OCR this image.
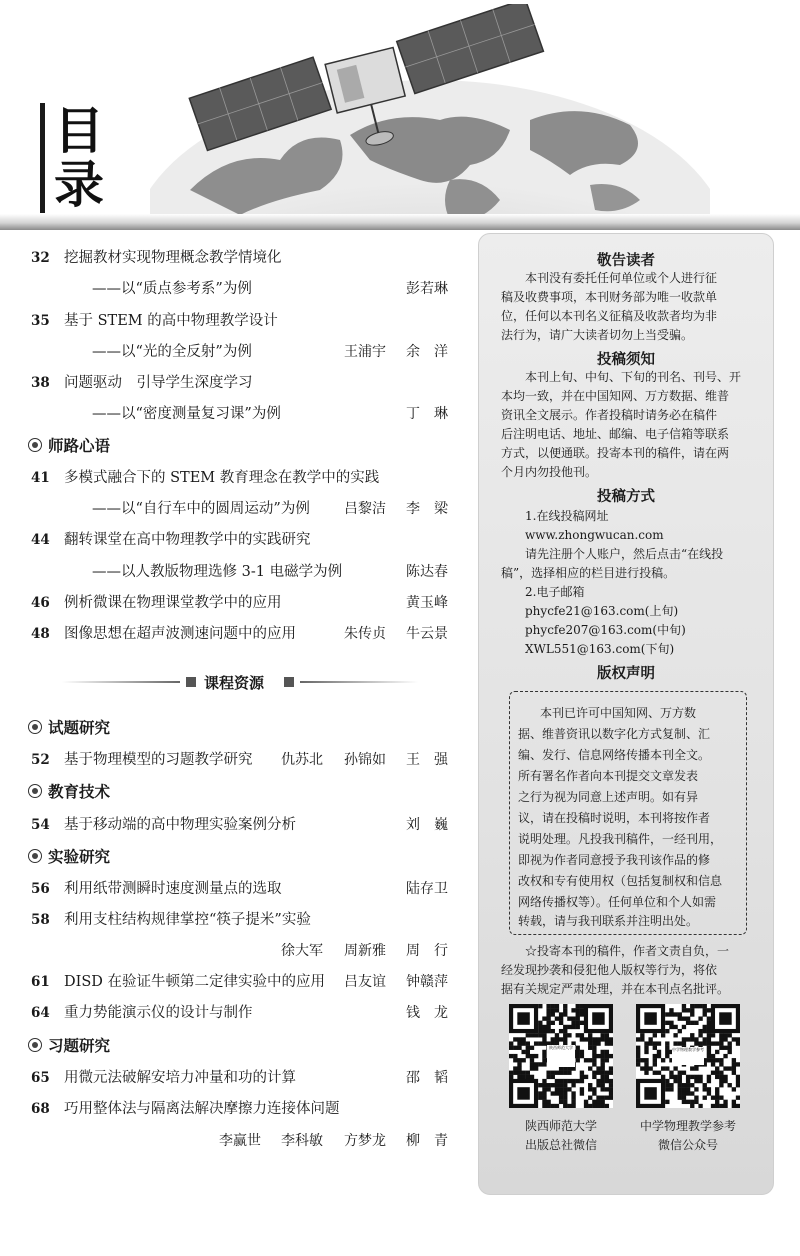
目
录
32 挖掘教材实现物理概念教学情境化
——以“质点参考系”为例	彭若琳
35 基于 STEM 的高中物理教学设计
——以“光的全反射”为例	王浦宇 余　洋
38 问题驱动　引导学生深度学习
——以“密度测量复习课”为例	丁　琳
师路心语
41 多模式融合下的 STEM 教育理念在教学中的实践
——以“自行车中的圆周运动”为例 吕黎洁 李　梁
44 翻转课堂在高中物理教学中的实践研究
——以人教版物理选修 3-1 电磁学为例	陈达春
46 例析微课在物理课堂教学中的应用	黄玉峰
48 图像思想在超声波测速问题中的应用	朱传贞 牛云景
课程资源
试题研究
52 基于物理模型的习题教学研究 仇苏北 孙锦如 王　强
教育技术
54 基于移动端的高中物理实验案例分析	刘　巍
实验研究
56 利用纸带测瞬时速度测量点的选取	陆存卫
58 利用支柱结构规律掌控“筷子提米”实验
徐大军 周新雅 周　行
61 DISD 在验证牛顿第二定律实验中的应用 吕友谊 钟赣萍
64 重力势能演示仪的设计与制作	钱　龙
习题研究
65 用微元法破解安培力冲量和功的计算	邵　韬
68 巧用整体法与隔离法解决摩擦力连接体问题
李赢世 李科敏 方梦龙 柳　青
敬告读者
本刊没有委托任何单位或个人进行征
稿及收费事项，本刊财务部为唯一收款单
位，任何以本刊名义征稿及收款者均为非
法行为，请广大读者切勿上当受骗。
投稿须知
本刊上旬、中旬、下旬的刊名、刊号、开
本均一致，并在中国知网、万方数据、维普
资讯全文展示。作者投稿时请务必在稿件
后注明电话、地址、邮编、电子信箱等联系
方式，以便通联。投寄本刊的稿件，请在两
个月内勿投他刊。
投稿方式
1.在线投稿网址
www.zhongwucan.com
请先注册个人账户，然后点击“在线投
稿”，选择相应的栏目进行投稿。
2.电子邮箱
phycfe21@163.com(上旬)
phycfe207@163.com(中旬)
XWL551@163.com(下旬)
版权声明
本刊已许可中国知网、万方数
据、维普资讯以数字化方式复制、汇
编、发行、信息网络传播本刊全文。
所有署名作者向本刊提交文章发表
之行为视为同意上述声明。如有异
议，请在投稿时说明，本刊将按作者
说明处理。凡投我刊稿件，一经刊用，
即视为作者同意授予我刊该作品的修
改权和专有使用权（包括复制权和信息
网络传播权等）。任何单位和个人如需
转载，请与我刊联系并注明出处。
☆投寄本刊的稿件，作者文责自负，一
经发现抄袭和侵犯他人版权等行为，将依
据有关规定严肃处理，并在本刊点名批评。
陕西师范大学	中学物理教学参考
陕西师范大学
出版总社微信
中学物理教学参考
微信公众号
